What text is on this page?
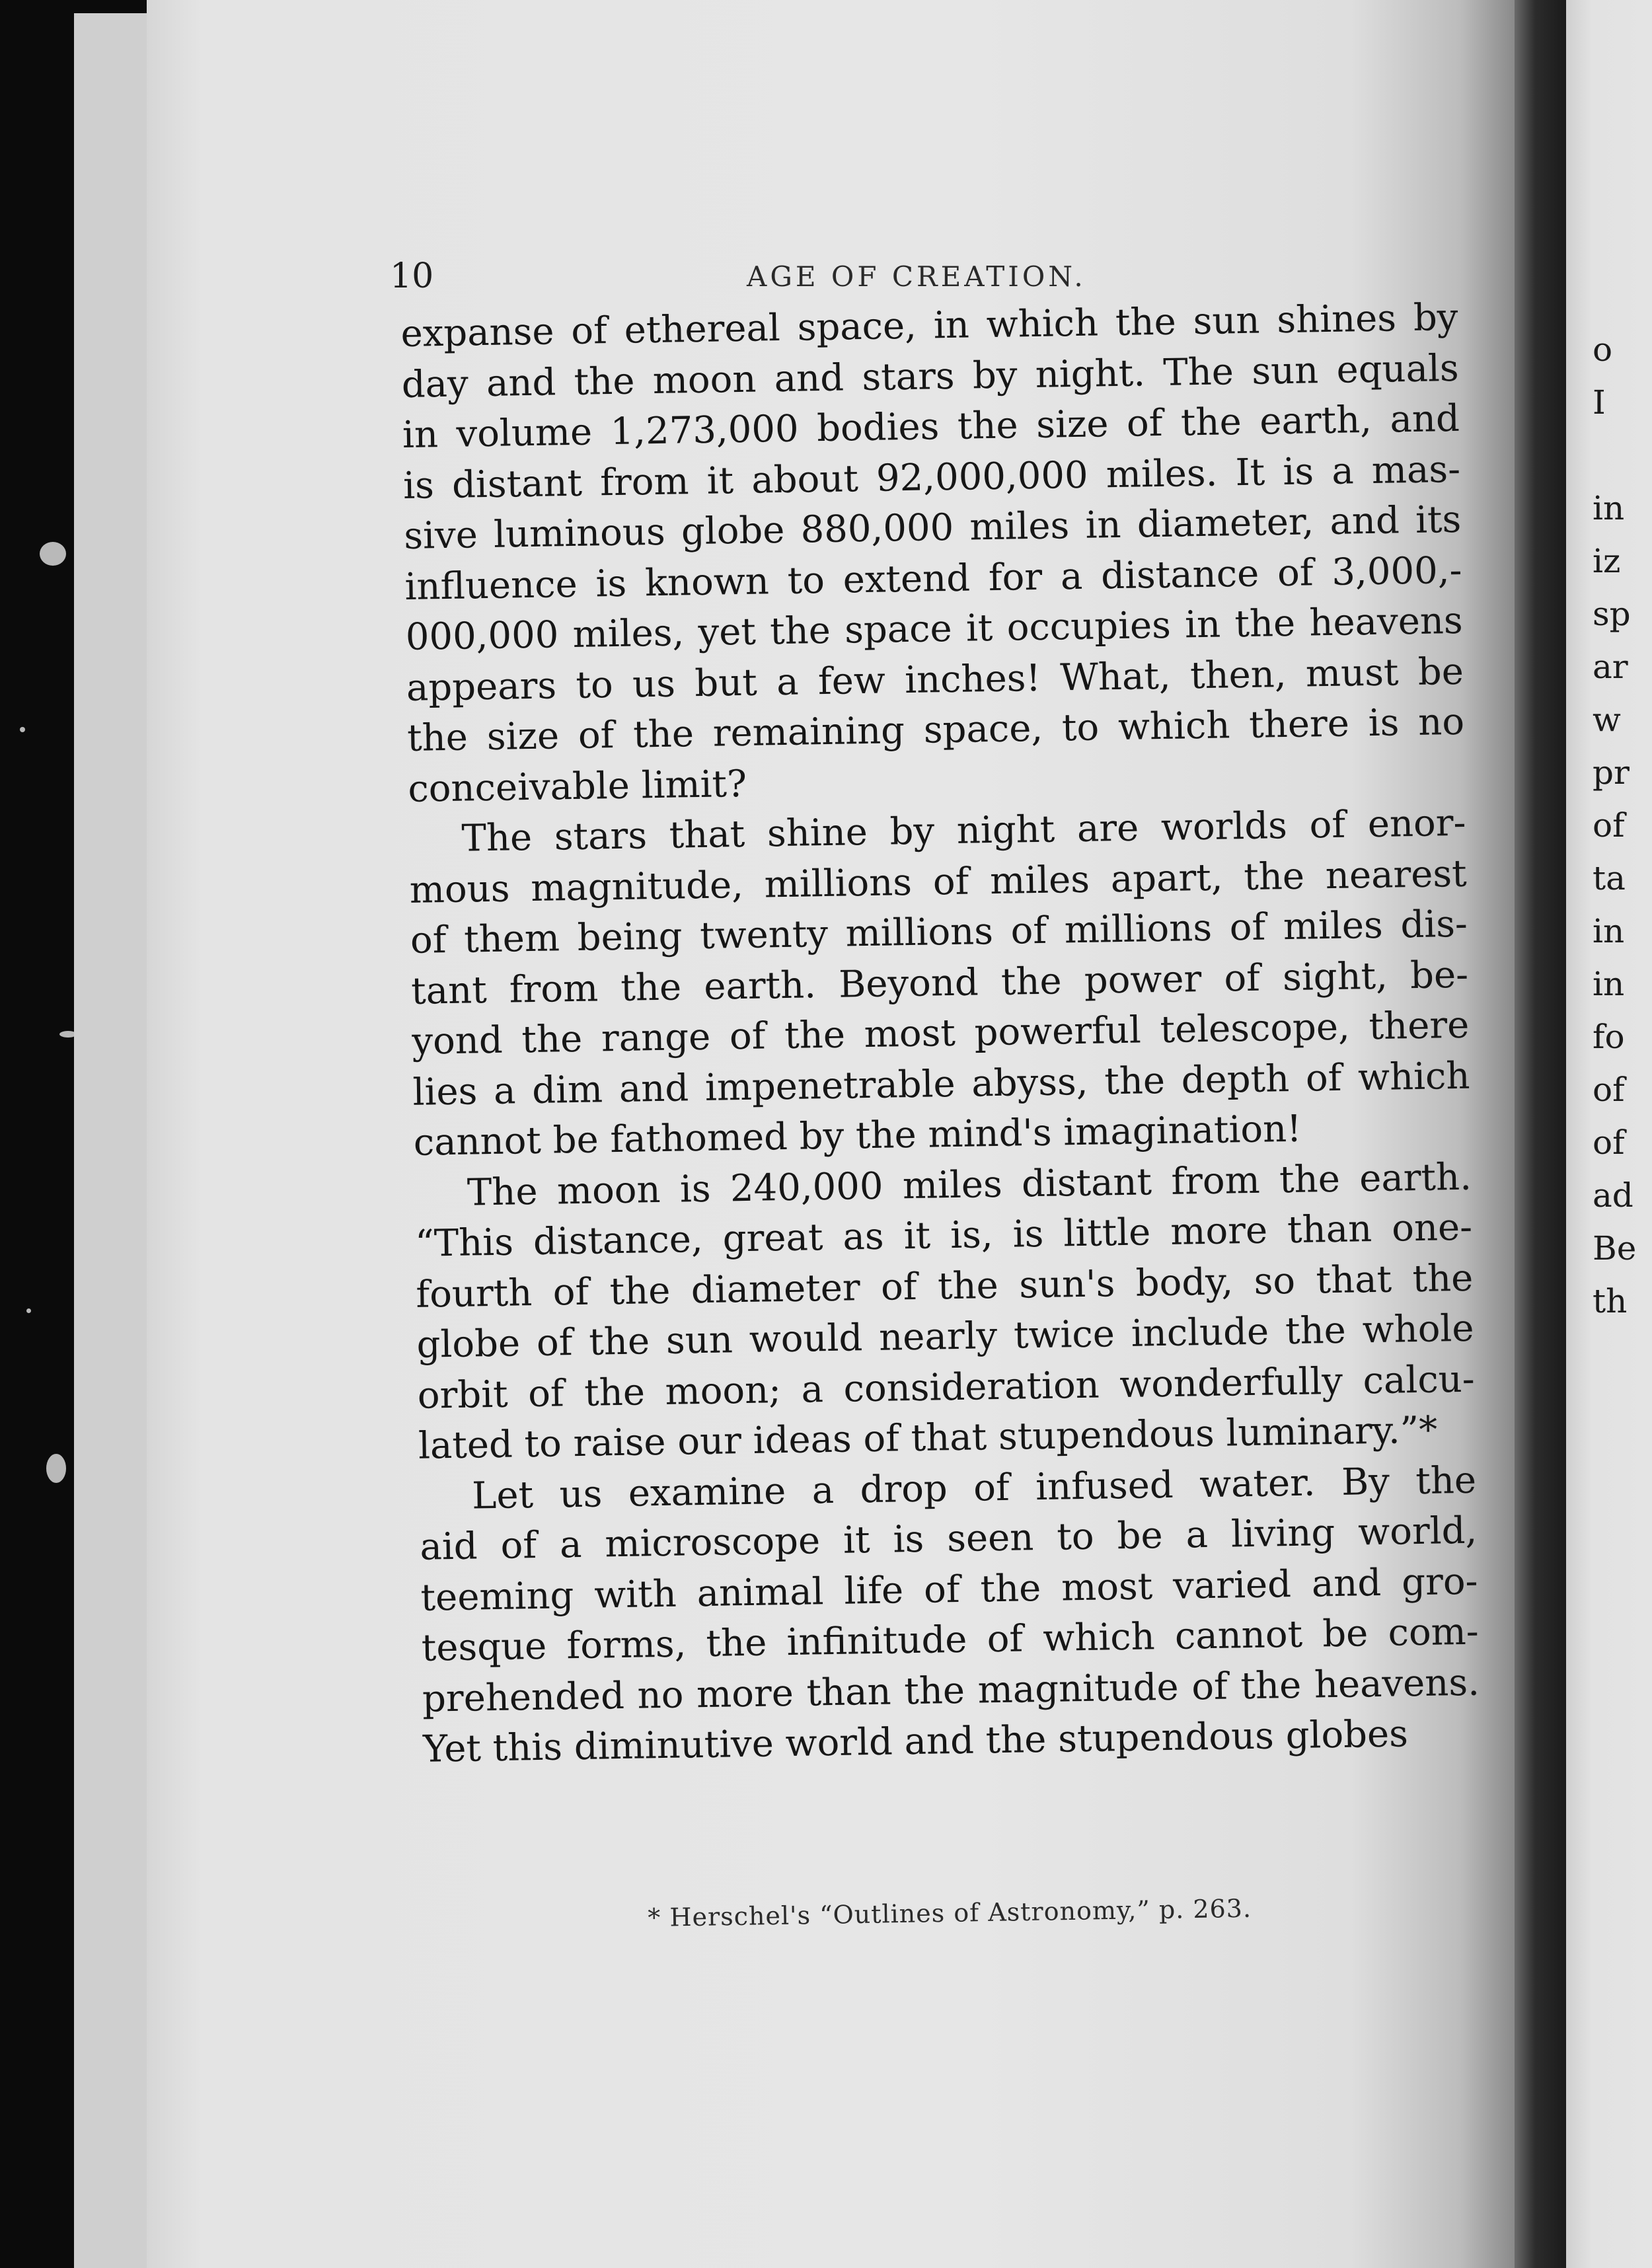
o
I
in
iz
sp
ar
w
pr
of
ta
in
in
fo
of
of
ad
Be
th
10	AGE OF CREATION.
expanse of ethereal space, in which the sun shines by
day and the moon and stars by night. The sun equals
in volume 1,273,000 bodies the size of the earth, and
is distant from it about 92,000,000 miles. It is a mas-
sive luminous globe 880,000 miles in diameter, and its
influence is known to extend for a distance of 3,000,-
000,000 miles, yet the space it occupies in the heavens
appears to us but a few inches! What, then, must be
the size of the remaining space, to which there is no
conceivable limit?
The stars that shine by night are worlds of enor-
mous magnitude, millions of miles apart, the nearest
of them being twenty millions of millions of miles dis-
tant from the earth. Beyond the power of sight, be-
yond the range of the most powerful telescope, there
lies a dim and impenetrable abyss, the depth of which
cannot be fathomed by the mind's imagination!
The moon is 240,000 miles distant from the earth.
“This distance, great as it is, is little more than one-
fourth of the diameter of the sun's body, so that the
globe of the sun would nearly twice include the whole
orbit of the moon; a consideration wonderfully calcu-
lated to raise our ideas of that stupendous luminary.”*
Let us examine a drop of infused water. By the
aid of a microscope it is seen to be a living world,
teeming with animal life of the most varied and gro-
tesque forms, the infinitude of which cannot be com-
prehended no more than the magnitude of the heavens.
Yet this diminutive world and the stupendous globes
* Herschel's “Outlines of Astronomy,” p. 263.
